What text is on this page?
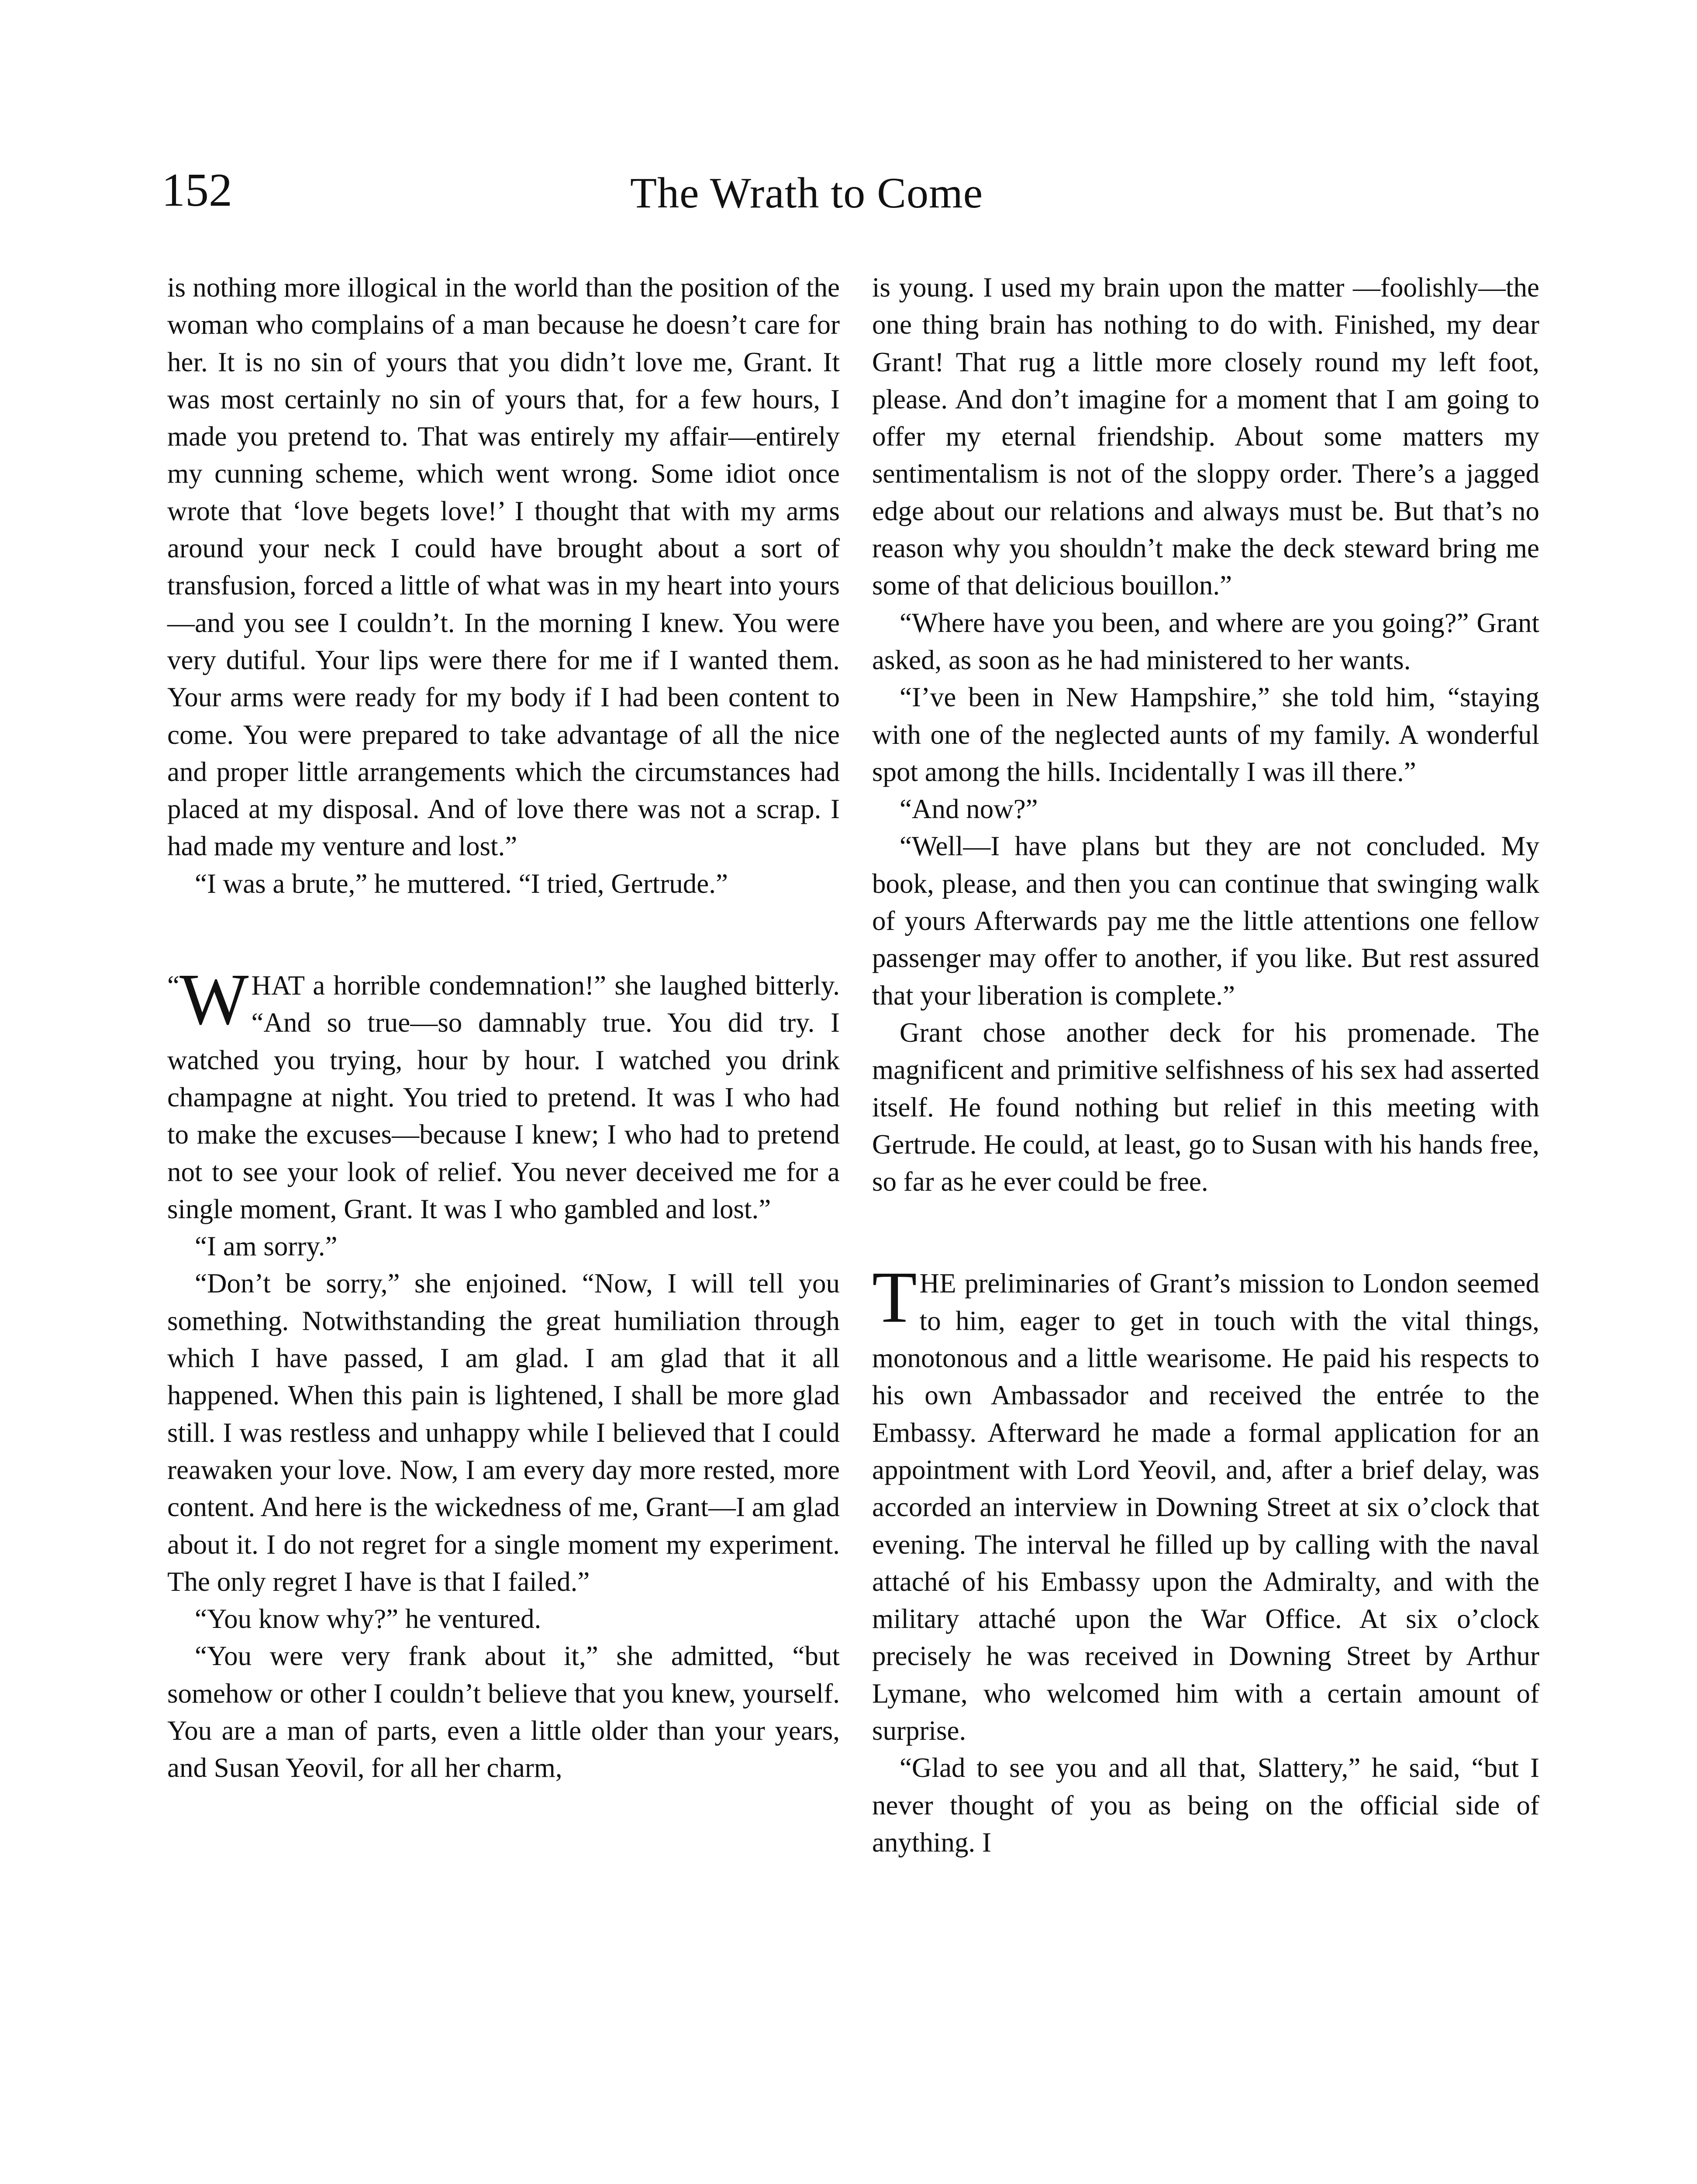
152	The Wrath to Come

is nothing more illogical in the world than the position of the woman who complains of a man because he doesn’t care for her. It is no sin of yours that you didn’t love me, Grant. It was most certainly no sin of yours that, for a few hours, I made you pretend to. That was entirely my affair—entirely my cunning scheme, which went wrong. Some idiot once wrote that ‘love begets love!’ I thought that with my arms around your neck I could have brought about a sort of transfusion, forced a little of what was in my heart into yours—and you see I couldn’t. In the morning I knew. You were very dutiful. Your lips were there for me if I wanted them. Your arms were ready for my body if I had been content to come. You were prepared to take advantage of all the nice and proper little arrangements which the circumstances had placed at my disposal. And of love there was not a scrap. I had made my venture and lost.”

“I was a brute,” he muttered. “I tried, Gertrude.”

“ W HAT a horrible condemnation!” she laughed bitterly. “And so true—so damnably true. You did try. I watched you trying, hour by hour. I watched you drink champagne at night. You tried to pretend. It was I who had to make the excuses—because I knew; I who had to pretend not to see your look of relief. You never deceived me for a single moment, Grant. It was I who gambled and lost.”

“I am sorry.”

“Don’t be sorry,” she enjoined. “Now, I will tell you something. Notwithstanding the great humiliation through which I have passed, I am glad. I am glad that it all happened. When this pain is lightened, I shall be more glad still. I was restless and unhappy while I believed that I could reawaken your love. Now, I am every day more rested, more content. And here is the wickedness of me, Grant—I am glad about it. I do not regret for a single moment my experiment. The only regret I have is that I failed.”

“You know why?” he ventured.

“You were very frank about it,” she admitted, “but somehow or other I couldn’t believe that you knew, yourself. You are a man of parts, even a little older than your years, and Susan Yeovil, for all her charm,

is young. I used my brain upon the matter —foolishly—the one thing brain has nothing to do with. Finished, my dear Grant! That rug a little more closely round my left foot, please. And don’t imagine for a moment that I am going to offer my eternal friendship. About some matters my sentimentalism is not of the sloppy order. There’s a jagged edge about our relations and always must be. But that’s no reason why you shouldn’t make the deck steward bring me some of that delicious bouillon.”

“Where have you been, and where are you going?” Grant asked, as soon as he had ministered to her wants.

“I’ve been in New Hampshire,” she told him, “staying with one of the neglected aunts of my family. A wonderful spot among the hills. Incidentally I was ill there.”

“And now?”

“Well—I have plans but they are not concluded. My book, please, and then you can continue that swinging walk of yours Afterwards pay me the little attentions one fellow passenger may offer to another, if you like. But rest assured that your liberation is complete.”

Grant chose another deck for his promenade. The magnificent and primitive selfishness of his sex had asserted itself. He found nothing but relief in this meeting with Gertrude. He could, at least, go to Susan with his hands free, so far as he ever could be free.

THE preliminaries of Grant’s mission to London seemed to him, eager to get in touch with the vital things, monotonous and a little wearisome. He paid his respects to his own Ambassador and received the entrée to the Embassy. Afterward he made a formal application for an appointment with Lord Yeovil, and, after a brief delay, was accorded an interview in Downing Street at six o’clock that evening. The interval he filled up by calling with the naval attaché of his Embassy upon the Admiralty, and with the military attaché upon the War Office. At six o’clock precisely he was received in Downing Street by Arthur Lymane, who welcomed him with a certain amount of surprise.

“Glad to see you and all that, Slattery,” he said, “but I never thought of you as being on the official side of anything. I
